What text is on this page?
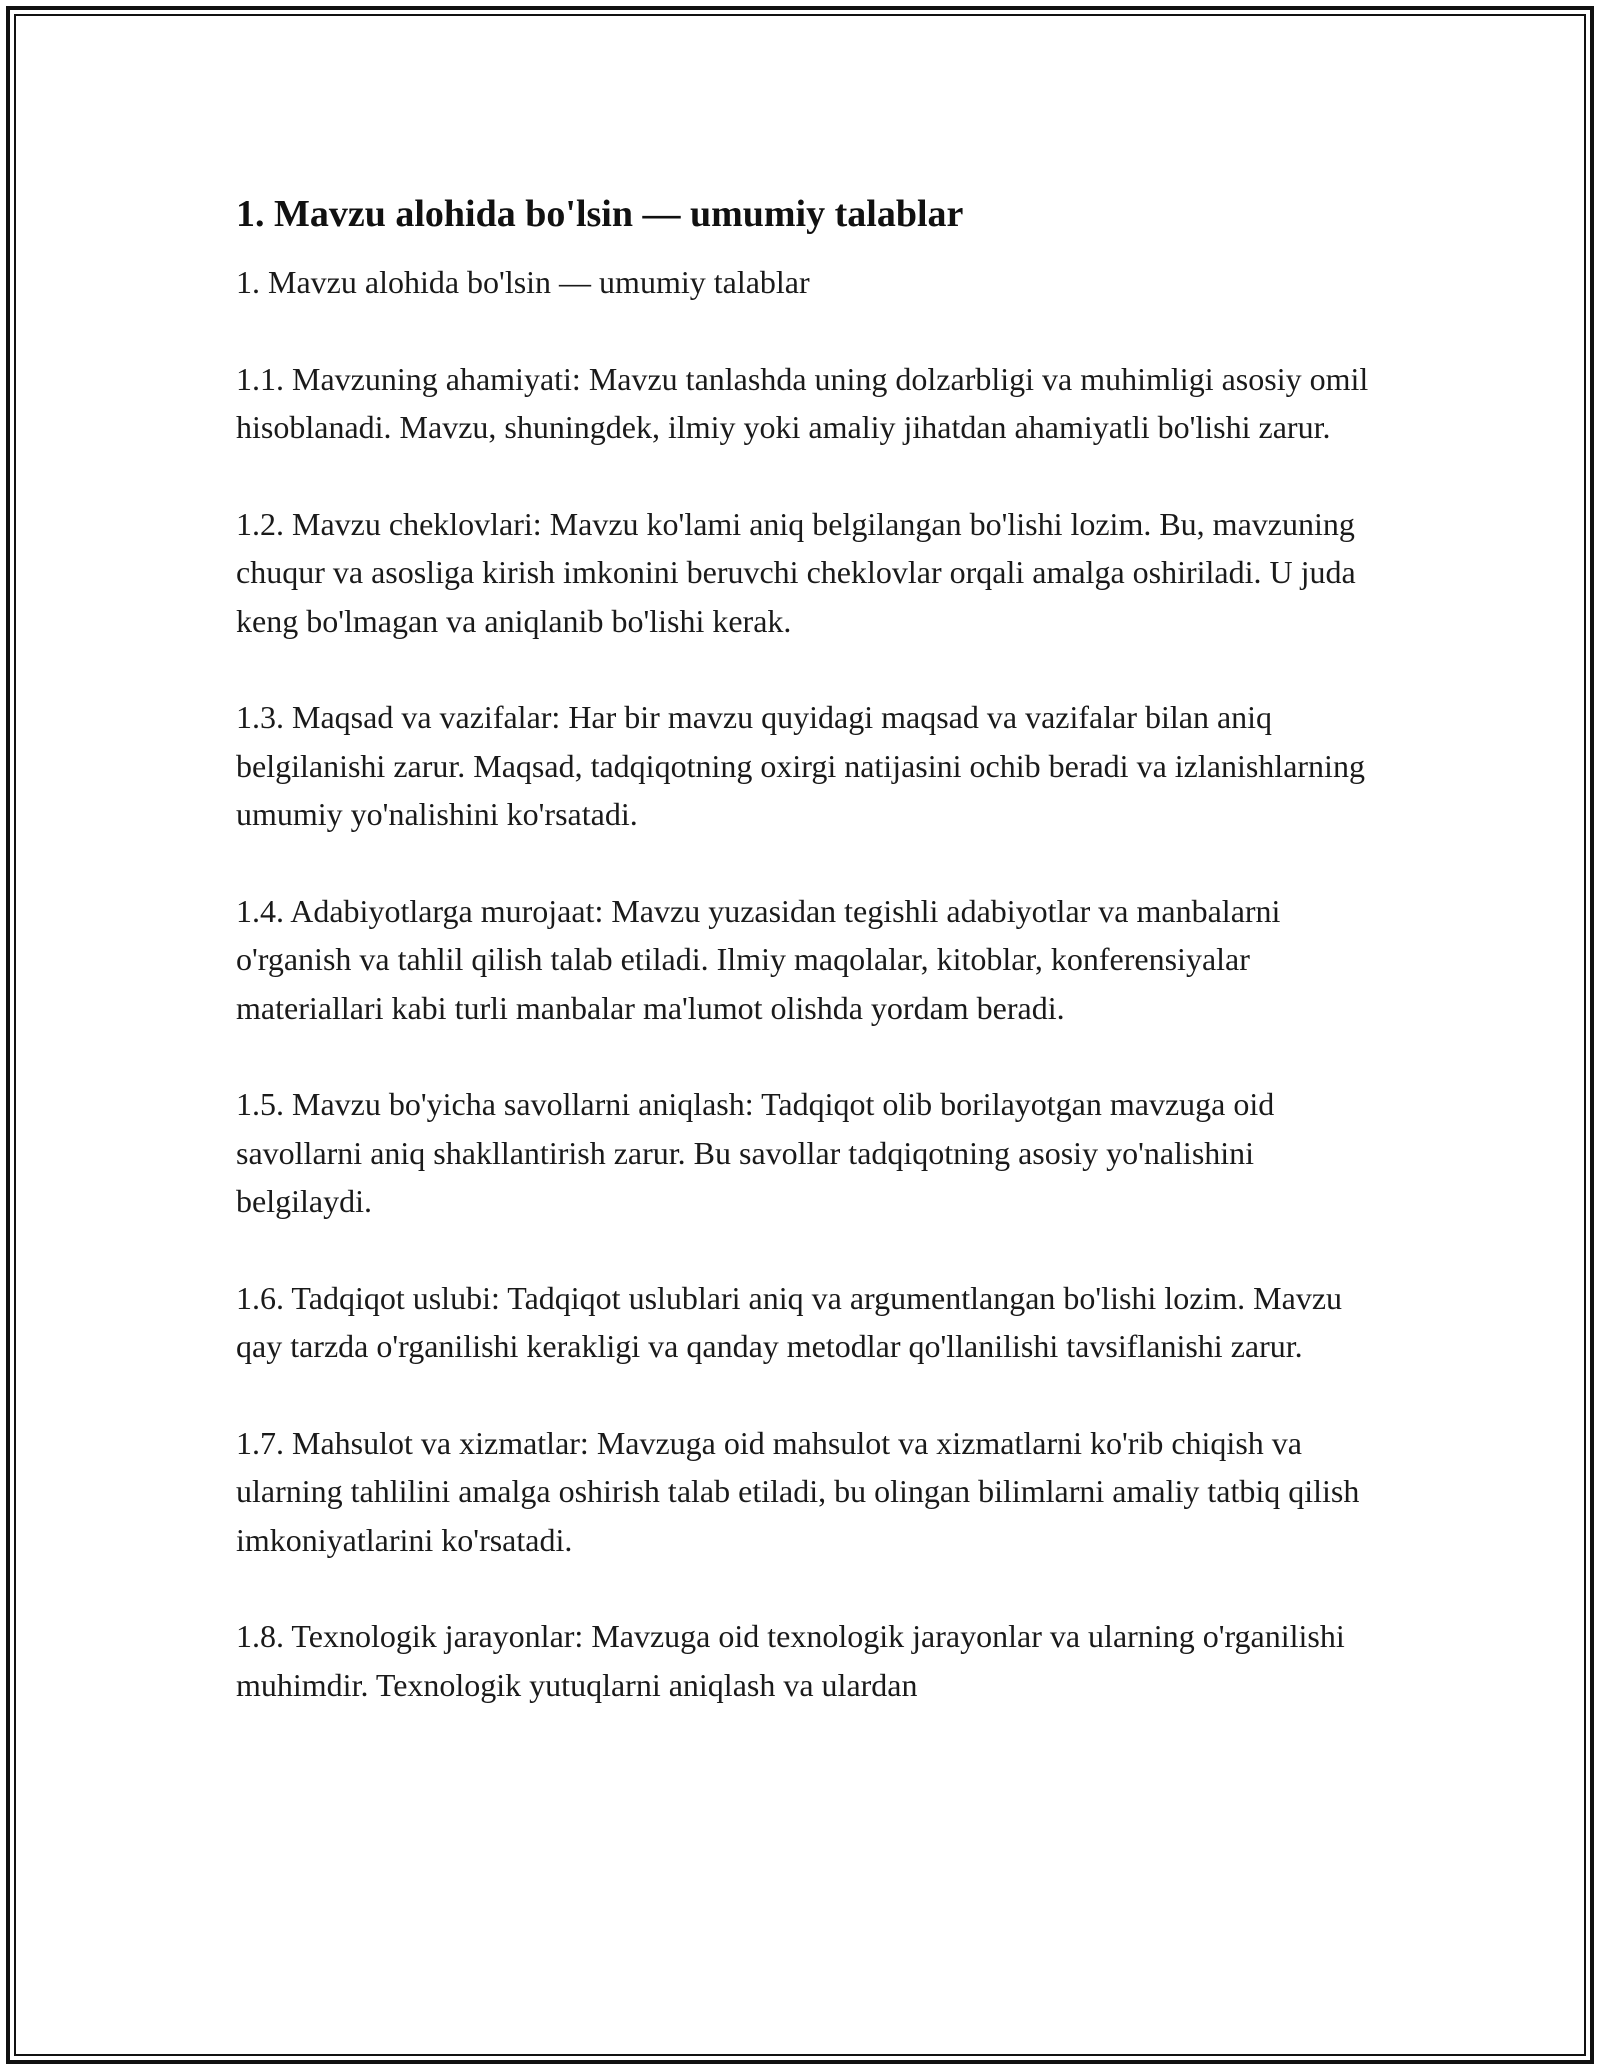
1. Mavzu alohida bo'lsin — umumiy talablar

1. Mavzu alohida bo'lsin — umumiy talablar

1.1. Mavzuning ahamiyati: Mavzu tanlashda uning dolzarbligi va muhimligi asosiy omil hisoblanadi. Mavzu, shuningdek, ilmiy yoki amaliy jihatdan ahamiyatli bo'lishi zarur.

1.2. Mavzu cheklovlari: Mavzu ko'lami aniq belgilangan bo'lishi lozim. Bu, mavzuning chuqur va asosliga kirish imkonini beruvchi cheklovlar orqali amalga oshiriladi. U juda keng bo'lmagan va aniqlanib bo'lishi kerak.

1.3. Maqsad va vazifalar: Har bir mavzu quyidagi maqsad va vazifalar bilan aniq belgilanishi zarur. Maqsad, tadqiqotning oxirgi natijasini ochib beradi va izlanishlarning umumiy yo'nalishini ko'rsatadi.

1.4. Adabiyotlarga murojaat: Mavzu yuzasidan tegishli adabiyotlar va manbalarni o'rganish va tahlil qilish talab etiladi. Ilmiy maqolalar, kitoblar, konferensiyalar materiallari kabi turli manbalar ma'lumot olishda yordam beradi.

1.5. Mavzu bo'yicha savollarni aniqlash: Tadqiqot olib borilayotgan mavzuga oid savollarni aniq shakllantirish zarur. Bu savollar tadqiqotning asosiy yo'nalishini belgilaydi.

1.6. Tadqiqot uslubi: Tadqiqot uslublari aniq va argumentlangan bo'lishi lozim. Mavzu qay tarzda o'rganilishi kerakligi va qanday metodlar qo'llanilishi tavsiflanishi zarur.

1.7. Mahsulot va xizmatlar: Mavzuga oid mahsulot va xizmatlarni ko'rib chiqish va ularning tahlilini amalga oshirish talab etiladi, bu olingan bilimlarni amaliy tatbiq qilish imkoniyatlarini ko'rsatadi.

1.8. Texnologik jarayonlar: Mavzuga oid texnologik jarayonlar va ularning o'rganilishi muhimdir. Texnologik yutuqlarni aniqlash va ulardan
